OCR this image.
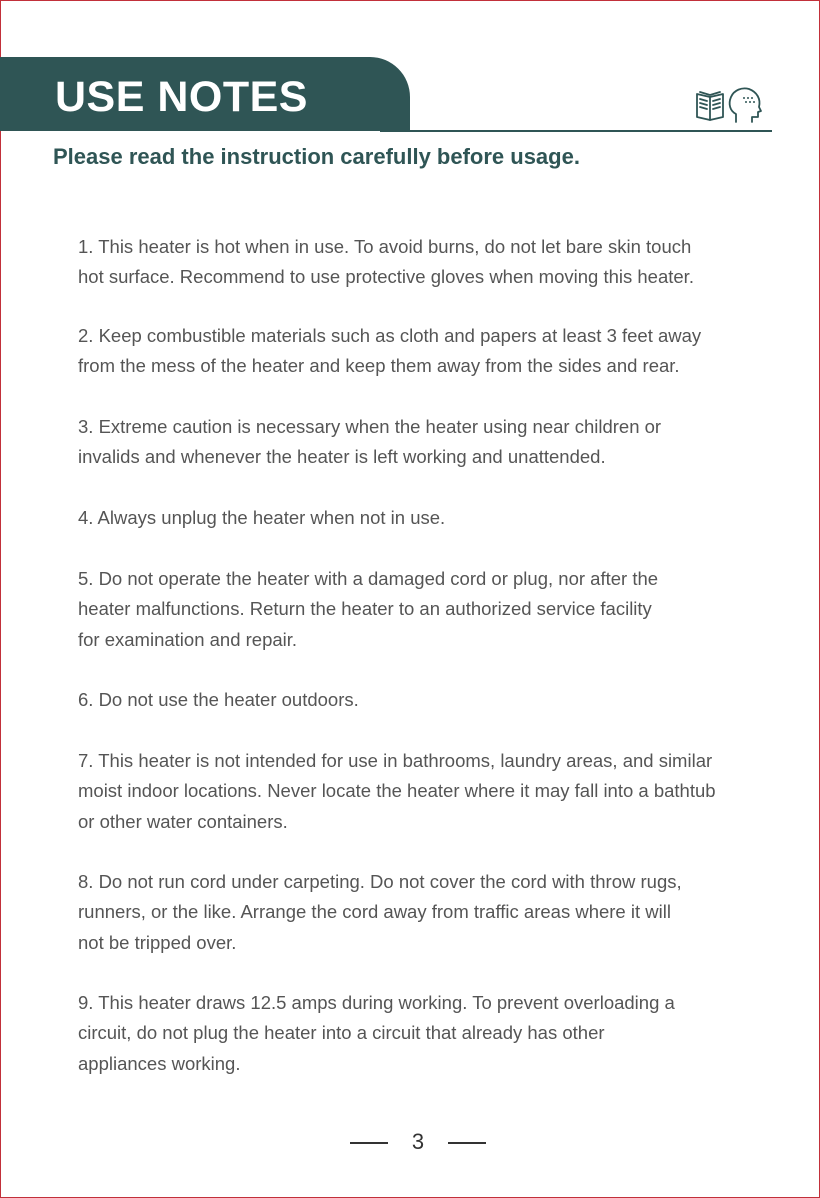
USE NOTES
Please read the instruction carefully before usage.
1. This heater is hot when in use. To avoid burns, do not let bare skin touch
hot surface. Recommend to use protective gloves when moving this heater.
2. Keep combustible materials such as cloth and papers at least 3 feet away
from the mess of the heater and keep them away from the sides and rear.
3. Extreme caution is necessary when the heater using near children or
invalids and whenever the heater is left working and unattended.
4. Always unplug the heater when not in use.
5. Do not operate the heater with a damaged cord or plug, nor after the
heater malfunctions. Return the heater to an authorized service facility
for examination and repair.
6. Do not use the heater outdoors.
7. This heater is not intended for use in bathrooms, laundry areas, and similar
moist indoor locations. Never locate the heater where it may fall into a bathtub
or other water containers.
8. Do not run cord under carpeting. Do not cover the cord with throw rugs,
runners, or the like. Arrange the cord away from traffic areas where it will
not be tripped over.
9. This heater draws 12.5 amps during working. To prevent overloading a
circuit, do not plug the heater into a circuit that already has other
appliances working.
3
